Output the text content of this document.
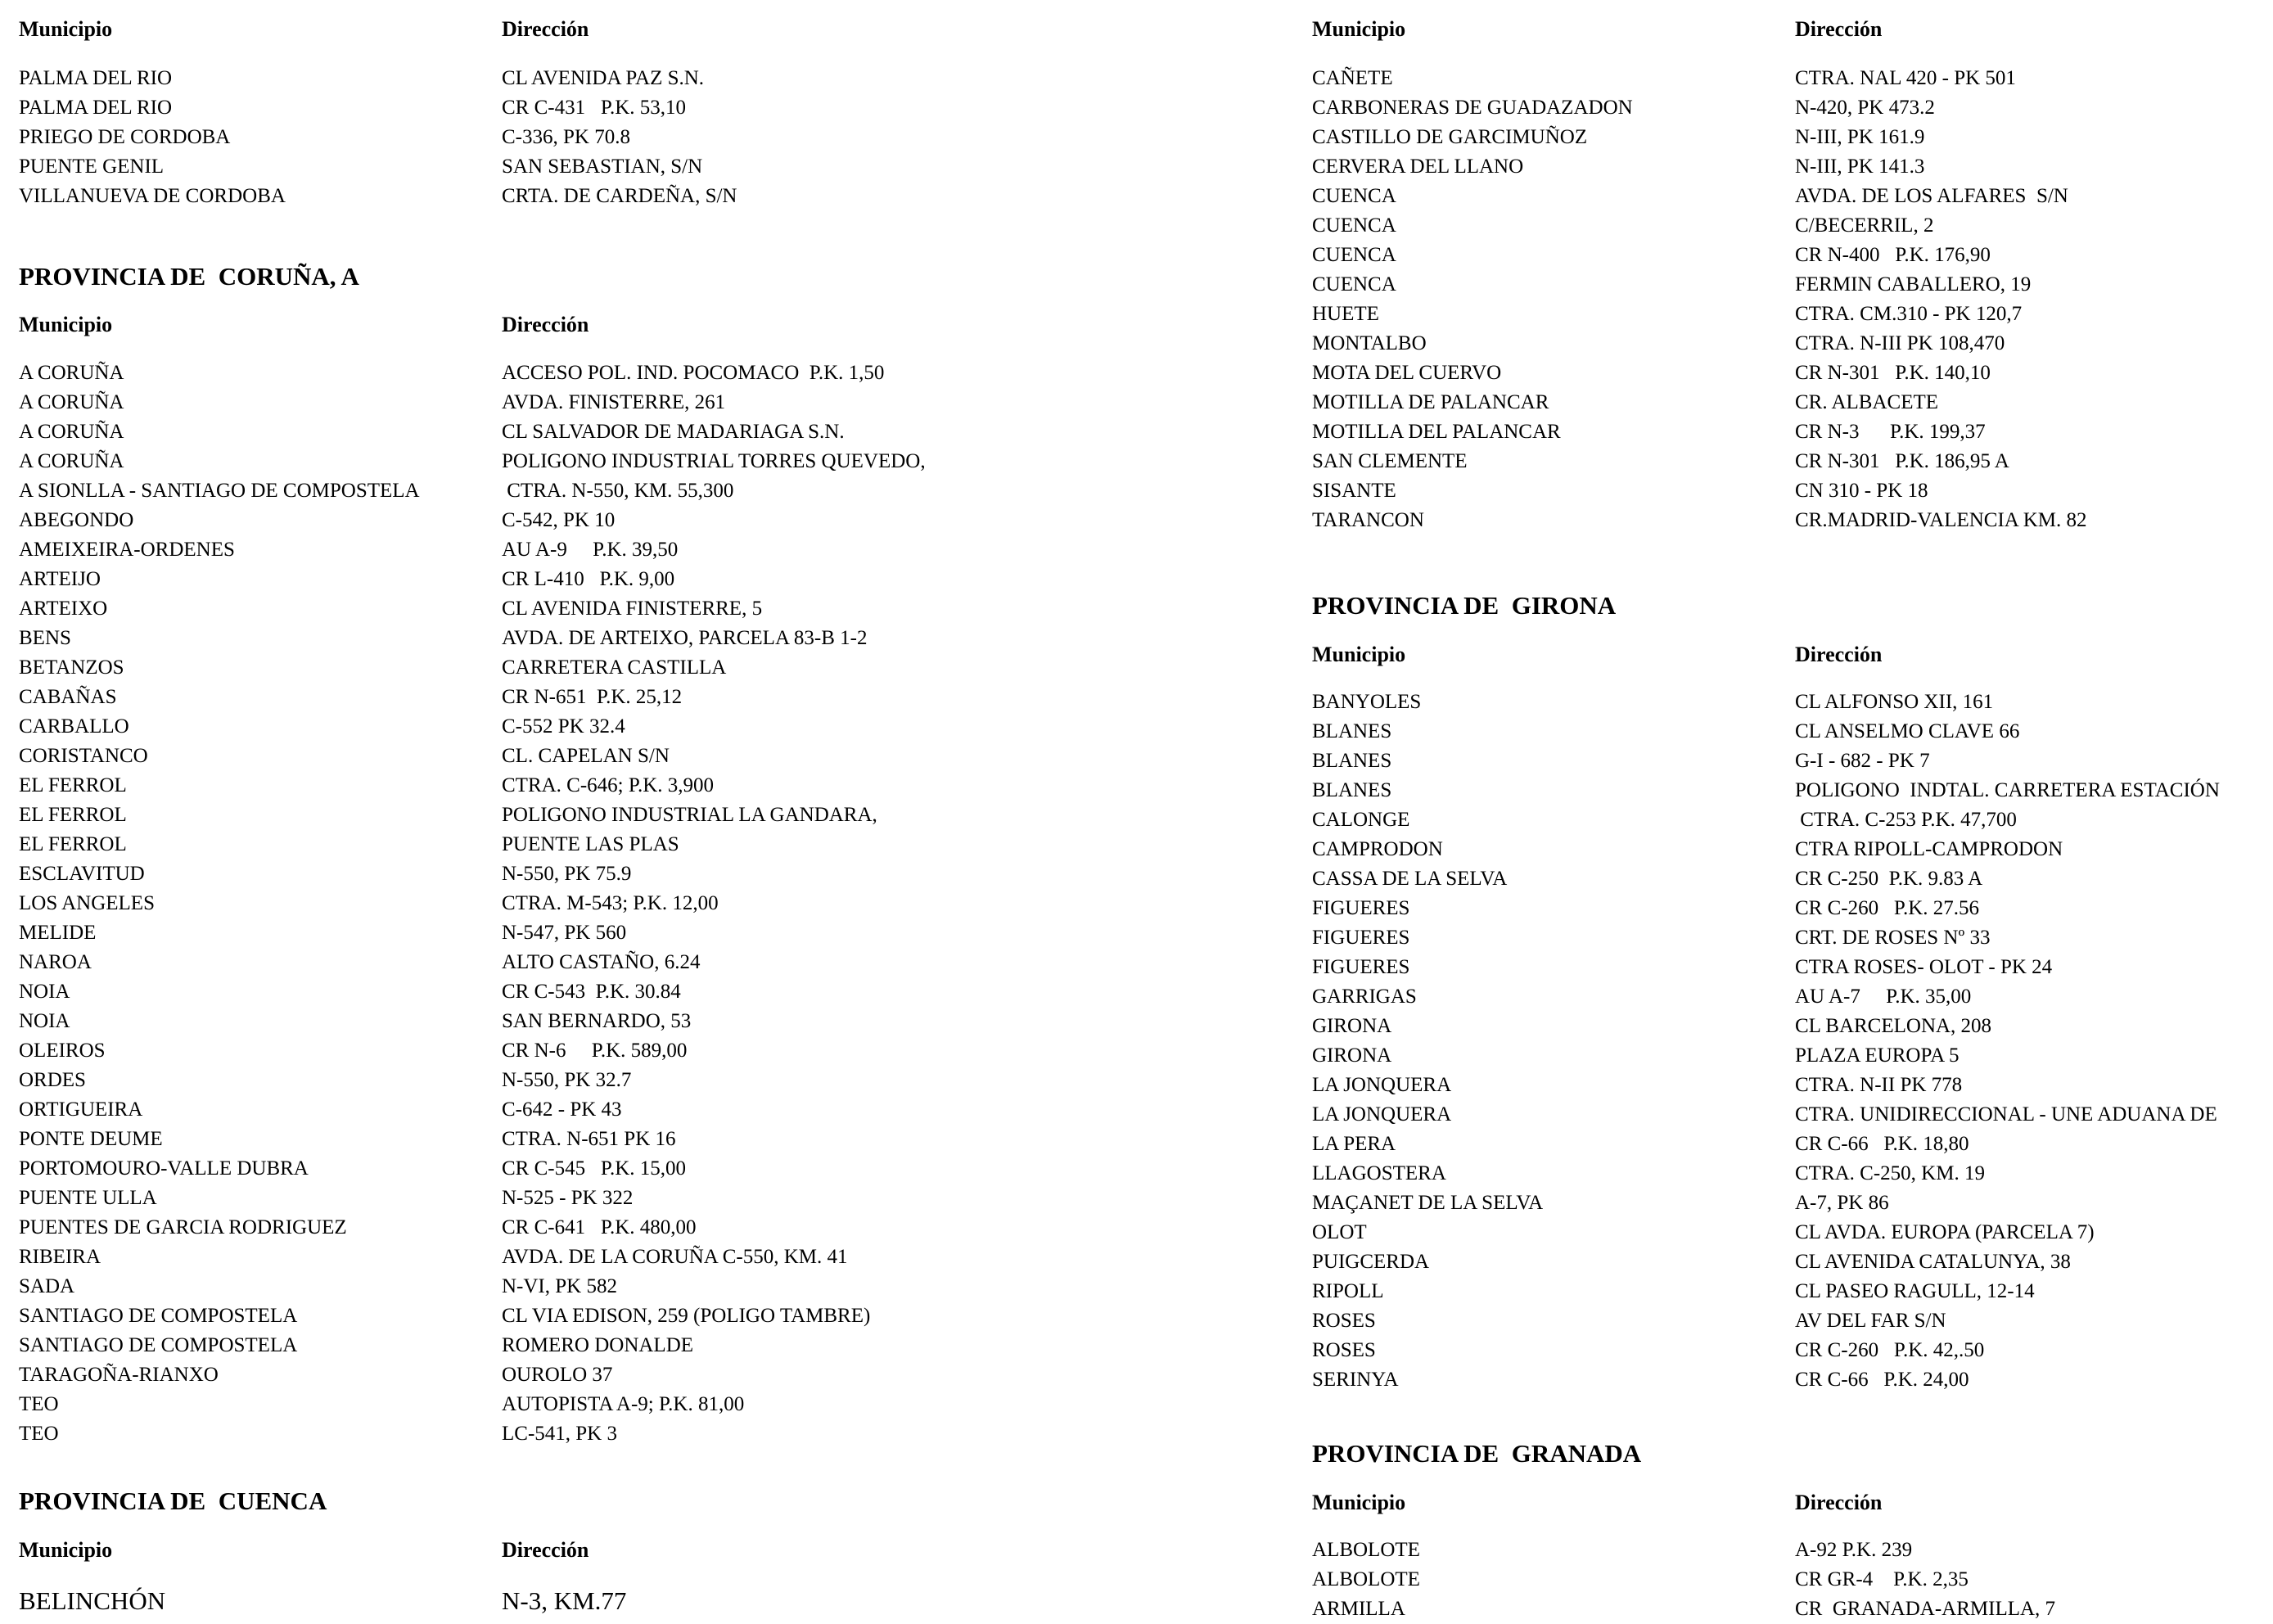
Municipio	Dirección
PALMA DEL RIO	CL AVENIDA PAZ S.N.
PALMA DEL RIO	CR C-431   P.K. 53,10
PRIEGO DE CORDOBA	C-336, PK 70.8
PUENTE GENIL	SAN SEBASTIAN, S/N
VILLANUEVA DE CORDOBA	CRTA. DE CARDEÑA, S/N
PROVINCIA DE  CORUÑA, A
Municipio	Dirección
A CORUÑA	ACCESO POL. IND. POCOMACO  P.K. 1,50
A CORUÑA	AVDA. FINISTERRE, 261
A CORUÑA	CL SALVADOR DE MADARIAGA S.N.
A CORUÑA	POLIGONO INDUSTRIAL TORRES QUEVEDO,
A SIONLLA - SANTIAGO DE COMPOSTELA	CTRA. N-550, KM. 55,300
ABEGONDO	C-542, PK 10
AMEIXEIRA-ORDENES	AU A-9     P.K. 39,50
ARTEIJO	CR L-410   P.K. 9,00
ARTEIXO	CL AVENIDA FINISTERRE, 5
BENS	AVDA. DE ARTEIXO, PARCELA 83-B 1-2
BETANZOS	CARRETERA CASTILLA
CABAÑAS	CR N-651  P.K. 25,12
CARBALLO	C-552 PK 32.4
CORISTANCO	CL. CAPELAN S/N
EL FERROL	CTRA. C-646; P.K. 3,900
EL FERROL	POLIGONO INDUSTRIAL LA GANDARA,
EL FERROL	PUENTE LAS PLAS
ESCLAVITUD	N-550, PK 75.9
LOS ANGELES	CTRA. M-543; P.K. 12,00
MELIDE	N-547, PK 560
NAROA	ALTO CASTAÑO, 6.24
NOIA	CR C-543  P.K. 30.84
NOIA	SAN BERNARDO, 53
OLEIROS	CR N-6     P.K. 589,00
ORDES	N-550, PK 32.7
ORTIGUEIRA	C-642 - PK 43
PONTE DEUME	CTRA. N-651 PK 16
PORTOMOURO-VALLE DUBRA	CR C-545   P.K. 15,00
PUENTE ULLA	N-525 - PK 322
PUENTES DE GARCIA RODRIGUEZ	CR C-641   P.K. 480,00
RIBEIRA	AVDA. DE LA CORUÑA C-550, KM. 41
SADA	N-VI, PK 582
SANTIAGO DE COMPOSTELA	CL VIA EDISON, 259 (POLIGO TAMBRE)
SANTIAGO DE COMPOSTELA	ROMERO DONALDE
TARAGOÑA-RIANXO	OUROLO 37
TEO	AUTOPISTA A-9; P.K. 81,00
TEO	LC-541, PK 3
PROVINCIA DE  CUENCA
Municipio	Dirección
BELINCHÓN	N-3, KM.77
Municipio	Dirección
CAÑETE	CTRA. NAL 420 - PK 501
CARBONERAS DE GUADAZADON	N-420, PK 473.2
CASTILLO DE GARCIMUÑOZ	N-III, PK 161.9
CERVERA DEL LLANO	N-III, PK 141.3
CUENCA	AVDA. DE LOS ALFARES  S/N
CUENCA	C/BECERRIL, 2
CUENCA	CR N-400   P.K. 176,90
CUENCA	FERMIN CABALLERO, 19
HUETE	CTRA. CM.310 - PK 120,7
MONTALBO	CTRA. N-III PK 108,470
MOTA DEL CUERVO	CR N-301   P.K. 140,10
MOTILLA DE PALANCAR	CR. ALBACETE
MOTILLA DEL PALANCAR	CR N-3      P.K. 199,37
SAN CLEMENTE	CR N-301   P.K. 186,95 A
SISANTE	CN 310 - PK 18
TARANCON	CR.MADRID-VALENCIA KM. 82
PROVINCIA DE  GIRONA
Municipio	Dirección
BANYOLES	CL ALFONSO XII, 161
BLANES	CL ANSELMO CLAVE 66
BLANES	G-I - 682 - PK 7
BLANES	POLIGONO  INDTAL. CARRETERA ESTACIÓN
CALONGE	CTRA. C-253 P.K. 47,700
CAMPRODON	CTRA RIPOLL-CAMPRODON
CASSA DE LA SELVA	CR C-250  P.K. 9.83 A
FIGUERES	CR C-260   P.K. 27.56
FIGUERES	CRT. DE ROSES Nº 33
FIGUERES	CTRA ROSES- OLOT - PK 24
GARRIGAS	AU A-7     P.K. 35,00
GIRONA	CL BARCELONA, 208
GIRONA	PLAZA EUROPA 5
LA JONQUERA	CTRA. N-II PK 778
LA JONQUERA	CTRA. UNIDIRECCIONAL - UNE ADUANA DE
LA PERA	CR C-66   P.K. 18,80
LLAGOSTERA	CTRA. C-250, KM. 19
MAÇANET DE LA SELVA	A-7, PK 86
OLOT	CL AVDA. EUROPA (PARCELA 7)
PUIGCERDA	CL AVENIDA CATALUNYA, 38
RIPOLL	CL PASEO RAGULL, 12-14
ROSES	AV DEL FAR S/N
ROSES	CR C-260   P.K. 42,.50
SERINYA	CR C-66   P.K. 24,00
PROVINCIA DE  GRANADA
Municipio	Dirección
ALBOLOTE	A-92 P.K. 239
ALBOLOTE	CR GR-4    P.K. 2,35
ARMILLA	CR  GRANADA-ARMILLA, 7
